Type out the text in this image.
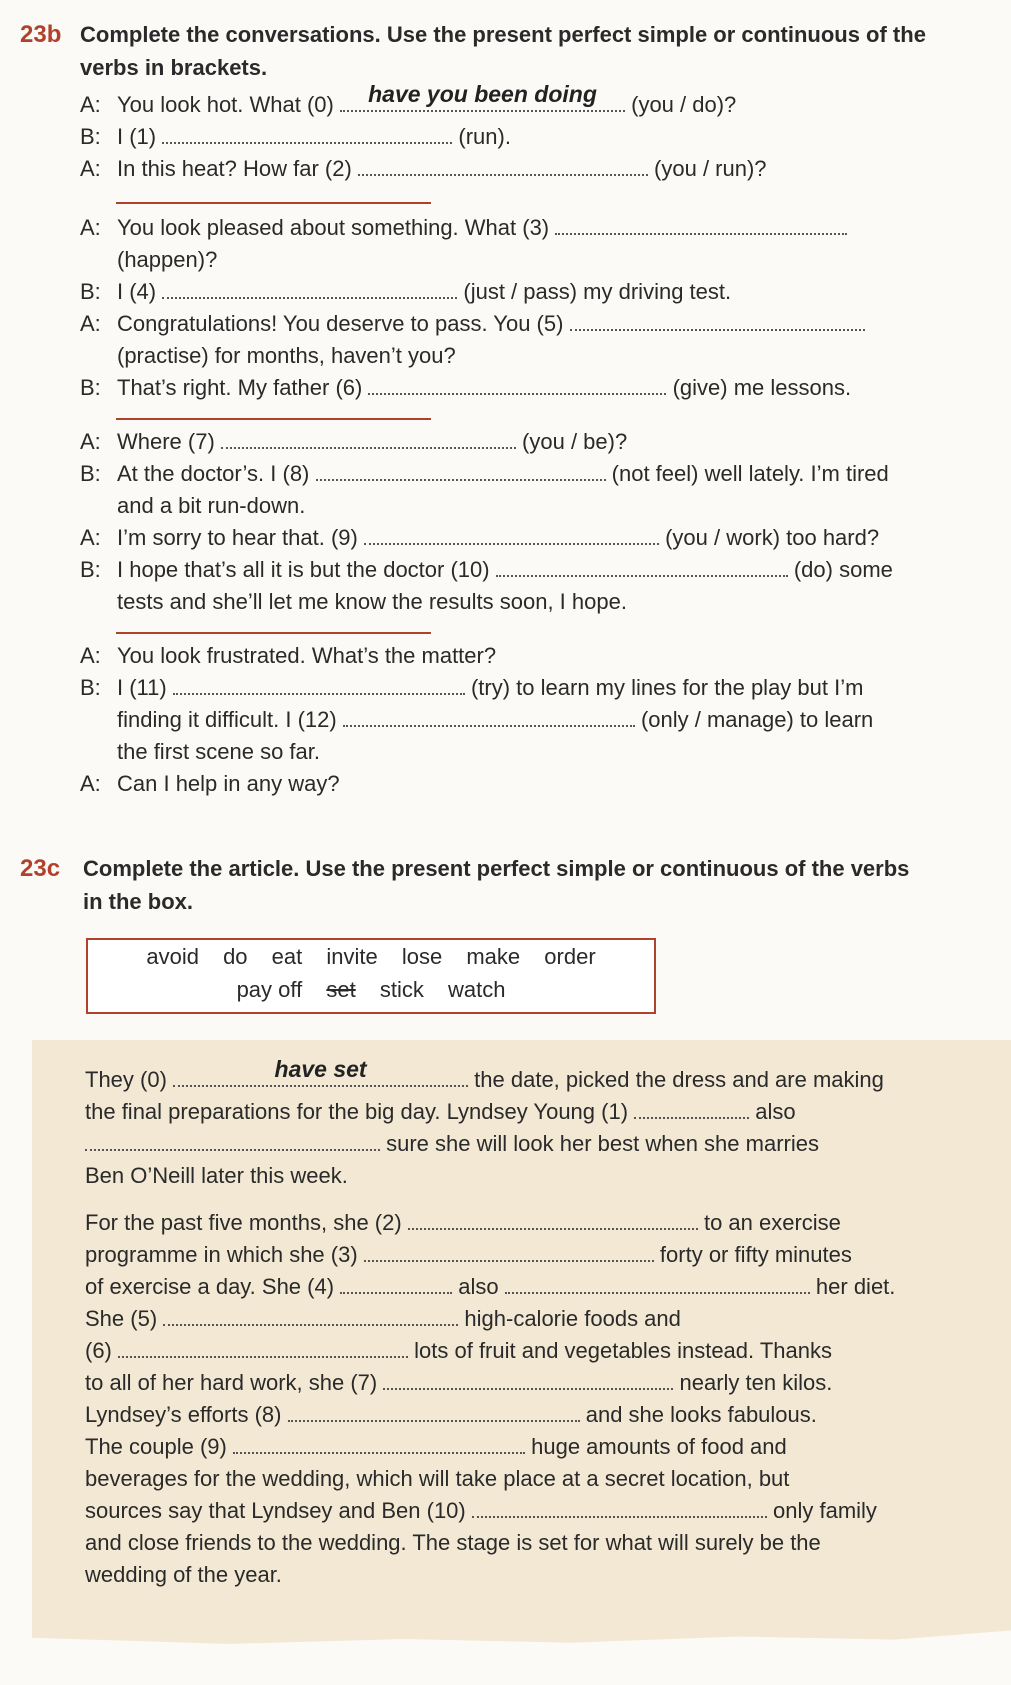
23b Complete the conversations. Use the present perfect simple or continuous of the
verbs in brackets.
A: You look hot. What (0)	have you been doing	(you / do)?
B: I (1)	(run).
A: In this heat? How far (2)	(you / run)?
A: You look pleased about something. What (3)
(happen)?
B: I (4)	(just / pass) my driving test.
A: Congratulations! You deserve to pass. You (5)
(practise) for months, haven’t you?
B: That’s right. My father (6)	(give) me lessons.
A: Where (7)	(you / be)?
B: At the doctor’s. I (8)	(not feel) well lately. I’m tired
and a bit run-down.
A: I’m sorry to hear that. (9)	(you / work) too hard?
B: I hope that’s all it is but the doctor (10)	(do) some
tests and she’ll let me know the results soon, I hope.
A: You look frustrated. What’s the matter?
B: I (11)	(try) to learn my lines for the play but I’m
finding it difficult. I (12)	(only / manage) to learn
the first scene so far.
A: Can I help in any way?
23c Complete the article. Use the present perfect simple or continuous of the verbs
in the box.
avoid do eat invite lose make order
pay off set stick watch
They (0)	have set	the date, picked the dress and are making
the final preparations for the big day. Lyndsey Young (1)	also
sure she will look her best when she marries
Ben O’Neill later this week.
For the past five months, she (2)	to an exercise
programme in which she (3)	forty or fifty minutes
of exercise a day. She (4)	also	her diet.
She (5)	high-calorie foods and
(6)	lots of fruit and vegetables instead. Thanks
to all of her hard work, she (7)	nearly ten kilos.
Lyndsey’s efforts (8)	and she looks fabulous.
The couple (9)	huge amounts of food and
beverages for the wedding, which will take place at a secret location, but
sources say that Lyndsey and Ben (10)	only family
and close friends to the wedding. The stage is set for what will surely be the
wedding of the year.
